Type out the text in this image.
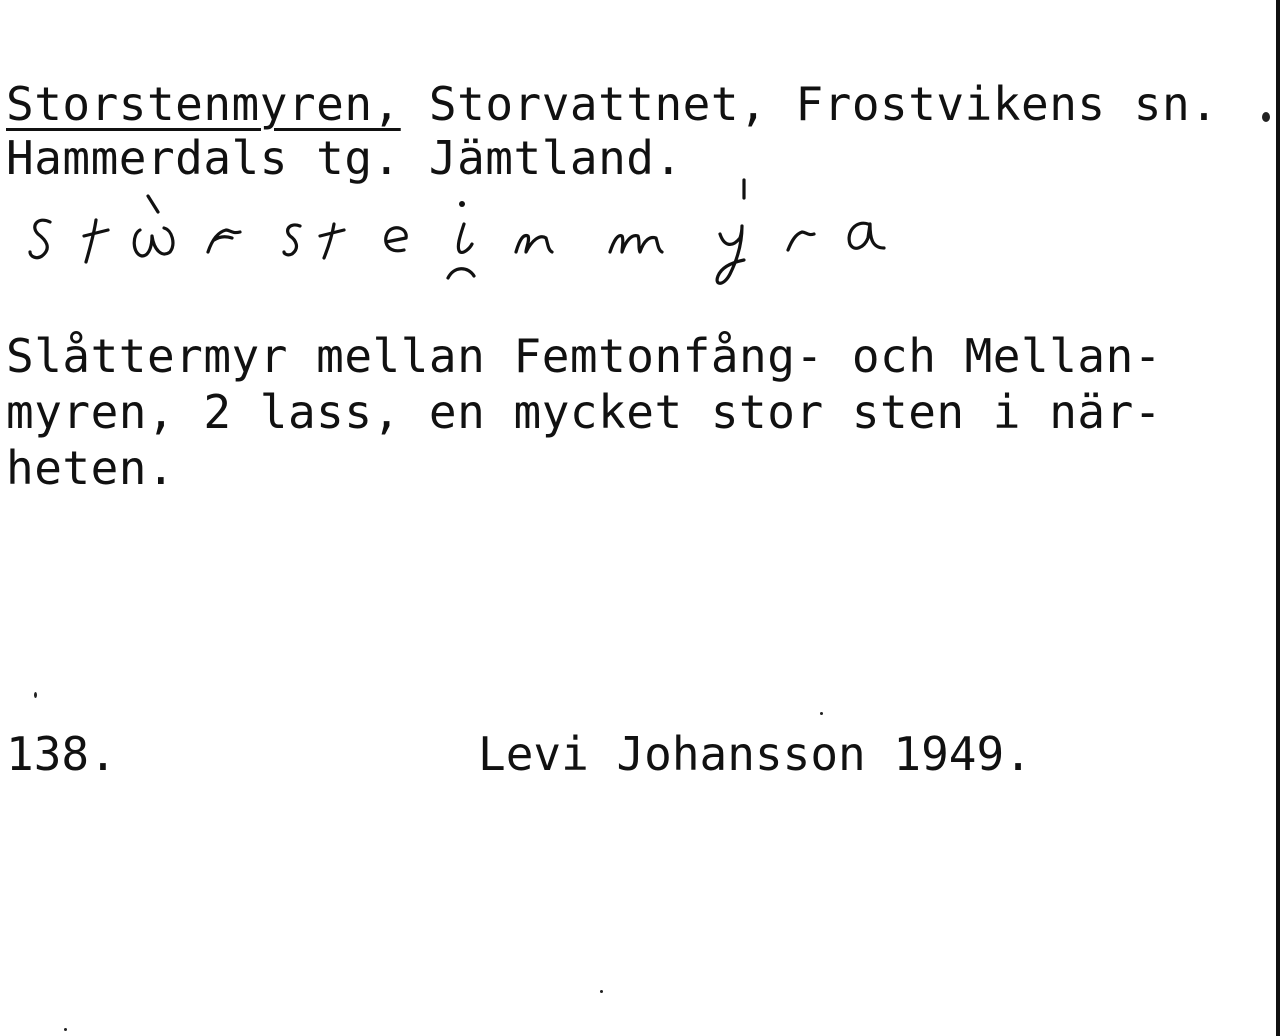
Storstenmyren, Storvattnet, Frostvikens sn.

Hammerdals tg. Jämtland.

Slåttermyr mellan Femtonfång- och Mellan-
myren, 2 lass, en mycket stor sten i när-
heten.

138.	Levi Johansson 1949.
